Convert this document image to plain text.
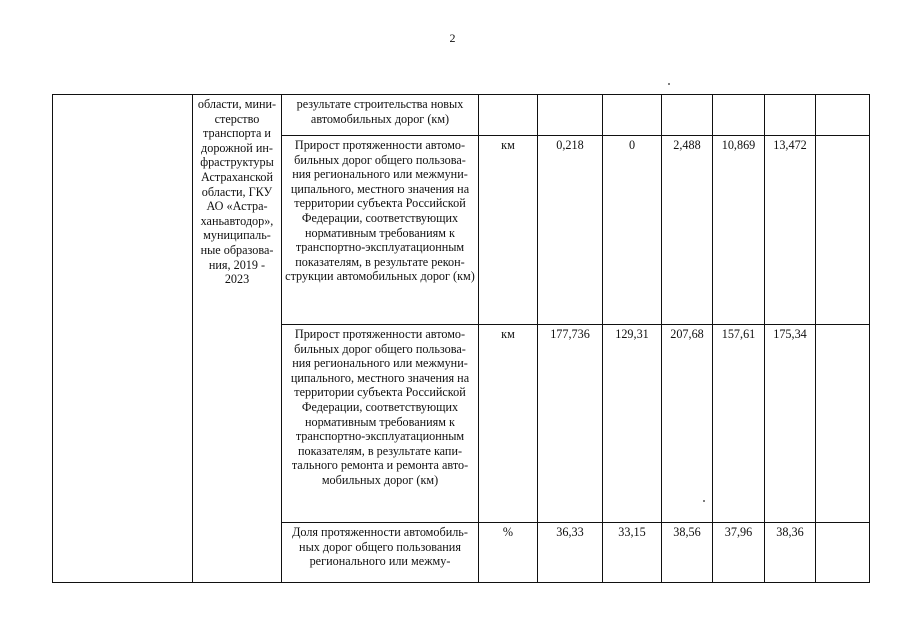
2
	области, мини-стерство транспорта и дорожной ин-фраструктуры Астраханской области, ГКУ АО «Астра-ханьавтодор», муниципаль-ные образова-ния, 2019 - 2023	результате строительства новых автомобильных дорог (км)							
		Прирост протяженности автомо-бильных дорог общего пользова-ния регионального или межмуни-ципального, местного значения на территории субъекта Российской Федерации, соответствующих нормативным требованиям к транспортно-эксплуатационным показателям, в результате рекон-струкции автомобильных дорог (км)	км	0,218	0	2,488	10,869	13,472	
		Прирост протяженности автомо-бильных дорог общего пользова-ния регионального или межмуни-ципального, местного значения на территории субъекта Российской Федерации, соответствующих нормативным требованиям к транспортно-эксплуатационным показателям, в результате капи-тального ремонта и ремонта авто-мобильных дорог (км)	км	177,736	129,31	207,68	157,61	175,34	
		Доля протяженности автомобиль-ных дорог общего пользования регионального или межму-	%	36,33	33,15	38,56	37,96	38,36	
